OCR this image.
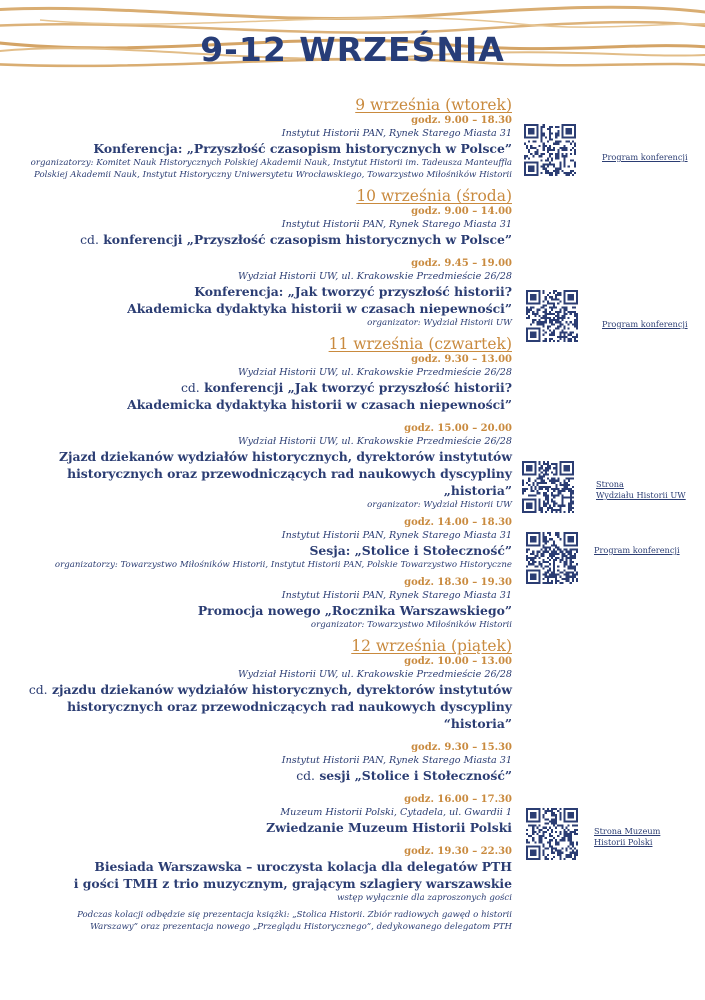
9-12 WRZEŚNIA
9 września (wtorek)
godz. 9.00 – 18.30
Instytut Historii PAN, Rynek Starego Miasta 31
Konferencja: „Przyszłość czasopism historycznych w Polsce”
organizatorzy: Komitet Nauk Historycznych Polskiej Akademii Nauk, Instytut Historii im. Tadeusza Manteuffla
Polskiej Akademii Nauk, Instytut Historyczny Uniwersytetu Wrocławskiego, Towarzystwo Miłośników Historii
10 września (środa)
godz. 9.00 – 14.00
Instytut Historii PAN, Rynek Starego Miasta 31
cd. konferencji „Przyszłość czasopism historycznych w Polsce”
godz. 9.45 – 19.00
Wydział Historii UW, ul. Krakowskie Przedmieście 26/28
Konferencja: „Jak tworzyć przyszłość historii?
Akademicka dydaktyka historii w czasach niepewności”
organizator: Wydział Historii UW
11 września (czwartek)
godz. 9.30 – 13.00
Wydział Historii UW, ul. Krakowskie Przedmieście 26/28
cd. konferencji „Jak tworzyć przyszłość historii?
Akademicka dydaktyka historii w czasach niepewności”
godz. 15.00 – 20.00
Wydział Historii UW, ul. Krakowskie Przedmieście 26/28
Zjazd dziekanów wydziałów historycznych, dyrektorów instytutów
historycznych oraz przewodniczących rad naukowych dyscypliny „historia”
organizator: Wydział Historii UW
godz. 14.00 – 18.30
Instytut Historii PAN, Rynek Starego Miasta 31
Sesja: „Stolice i Stołeczność”
organizatorzy: Towarzystwo Miłośników Historii, Instytut Historii PAN, Polskie Towarzystwo Historyczne
godz. 18.30 – 19.30
Instytut Historii PAN, Rynek Starego Miasta 31
Promocja nowego „Rocznika Warszawskiego”
organizator: Towarzystwo Miłośników Historii
12 września (piątek)
godz. 10.00 – 13.00
Wydział Historii UW, ul. Krakowskie Przedmieście 26/28
cd. zjazdu dziekanów wydziałów historycznych, dyrektorów instytutów
historycznych oraz przewodniczących rad naukowych dyscypliny “historia”
godz. 9.30 – 15.30
Instytut Historii PAN, Rynek Starego Miasta 31
cd. sesji „Stolice i Stołeczność”
godz. 16.00 – 17.30
Muzeum Historii Polski, Cytadela, ul. Gwardii 1
Zwiedzanie Muzeum Historii Polski
godz. 19.30 – 22.30
Biesiada Warszawska – uroczysta kolacja dla delegatów PTH
i gości TMH z trio muzycznym, grającym szlagiery warszawskie
wstęp wyłącznie dla zaproszonych gości
Podczas kolacji odbędzie się prezentacja książki: „Stolica Historii. Zbiór radiowych gawęd o historii
Warszawy” oraz prezentacja nowego „Przeglądu Historycznego”, dedykowanego delegatom PTH
Program konferencji
Program konferencji
Strona
Wydziału Historii UW
Program konferencji
Strona Muzeum
Historii Polski
